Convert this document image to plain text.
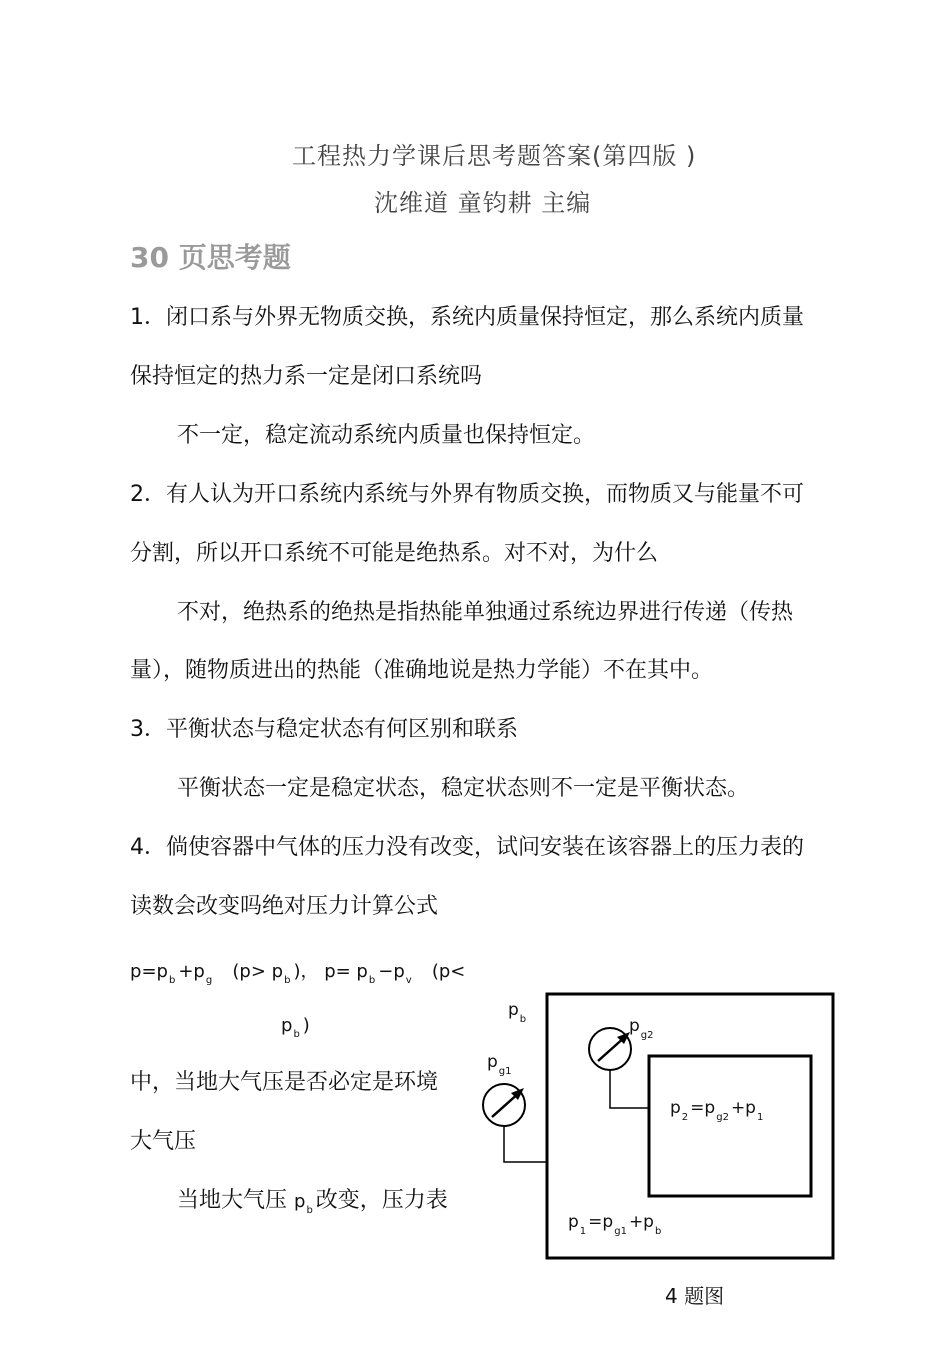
工程热力学课后思考题答案(第四版 )
沈维道 童钧耕 主编
30 页思考题
1．闭口系与外界无物质交换，系统内质量保持恒定，那么系统内质量
保持恒定的热力系一定是闭口系统吗
不一定，稳定流动系统内质量也保持恒定。
2．有人认为开口系统内系统与外界有物质交换，而物质又与能量不可
分割，所以开口系统不可能是绝热系。对不对，为什么
不对，绝热系的绝热是指热能单独通过系统边界进行传递（传热
量），随物质进出的热能（准确地说是热力学能）不在其中。
3．平衡状态与稳定状态有何区别和联系
平衡状态一定是稳定状态，稳定状态则不一定是平衡状态。
4．倘使容器中气体的压力没有改变，试问安装在该容器上的压力表的
读数会改变吗绝对压力计算公式
$p=p_b +p_g$ ($p> p_b$ )， $p= p_b -p_v$ (p<
$p_b$ )
中，当地大气压是否必定是环境
大气压
当地大气压 $p_b$ 改变，压力表
$p_b$
$p_{g1}$
$p_{g2}$
$p_2 =p_{g2} +p_1$
$p_1 =p_{g1} +p_b$
4 题图
